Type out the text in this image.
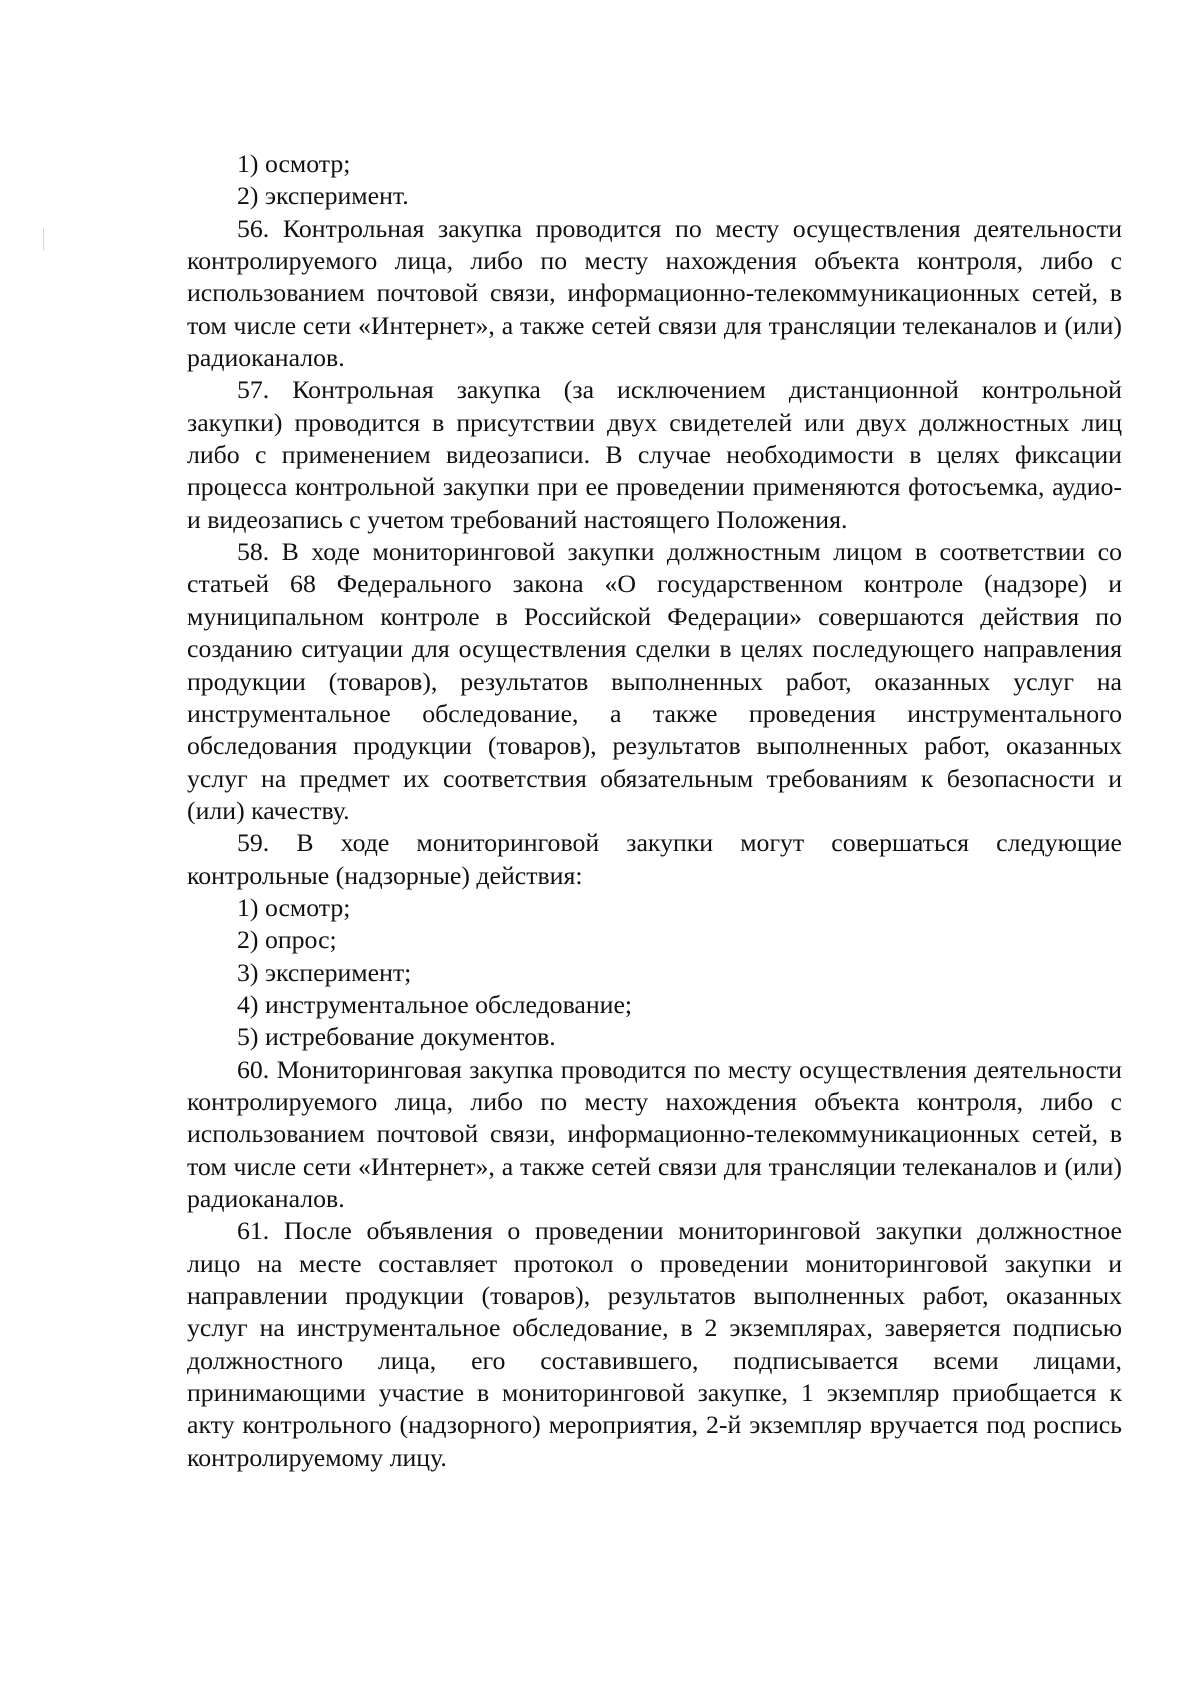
1) осмотр;

2) эксперимент.

56. Контрольная закупка проводится по месту осуществления деятельности контролируемого лица, либо по месту нахождения объекта контроля, либо с использованием почтовой связи, информационно-телекоммуникационных сетей, в том числе сети «Интернет», а также сетей связи для трансляции телеканалов и (или) радиоканалов.

57. Контрольная закупка (за исключением дистанционной контрольной закупки) проводится в присутствии двух свидетелей или двух должностных лиц либо с применением видеозаписи. В случае необходимости в целях фиксации процесса контрольной закупки при ее проведении применяются фотосъемка, аудио- и видеозапись с учетом требований настоящего Положения.

58. В ходе мониторинговой закупки должностным лицом в соответствии со статьей 68 Федерального закона «О государственном контроле (надзоре) и муниципальном контроле в Российской Федерации» совершаются действия по созданию ситуации для осуществления сделки в целях последующего направления продукции (товаров), результатов выполненных работ, оказанных услуг на инструментальное обследование, а также проведения инструментального обследования продукции (товаров), результатов выполненных работ, оказанных услуг на предмет их соответствия обязательным требованиям к безопасности и (или) качеству.

59. В ходе мониторинговой закупки могут совершаться следующие контрольные (надзорные) действия:

1) осмотр;

2) опрос;

3) эксперимент;

4) инструментальное обследование;

5) истребование документов.

60. Мониторинговая закупка проводится по месту осуществления деятельности контролируемого лица, либо по месту нахождения объекта контроля, либо с использованием почтовой связи, информационно-телекоммуникационных сетей, в том числе сети «Интернет», а также сетей связи для трансляции телеканалов и (или) радиоканалов.

61. После объявления о проведении мониторинговой закупки должностное лицо на месте составляет протокол о проведении мониторинговой закупки и направлении продукции (товаров), результатов выполненных работ, оказанных услуг на инструментальное обследование, в 2 экземплярах, заверяется подписью должностного лица, его составившего, подписывается всеми лицами, принимающими участие в мониторинговой закупке, 1 экземпляр приобщается к акту контрольного (надзорного) мероприятия, 2-й экземпляр вручается под роспись контролируемому лицу.
